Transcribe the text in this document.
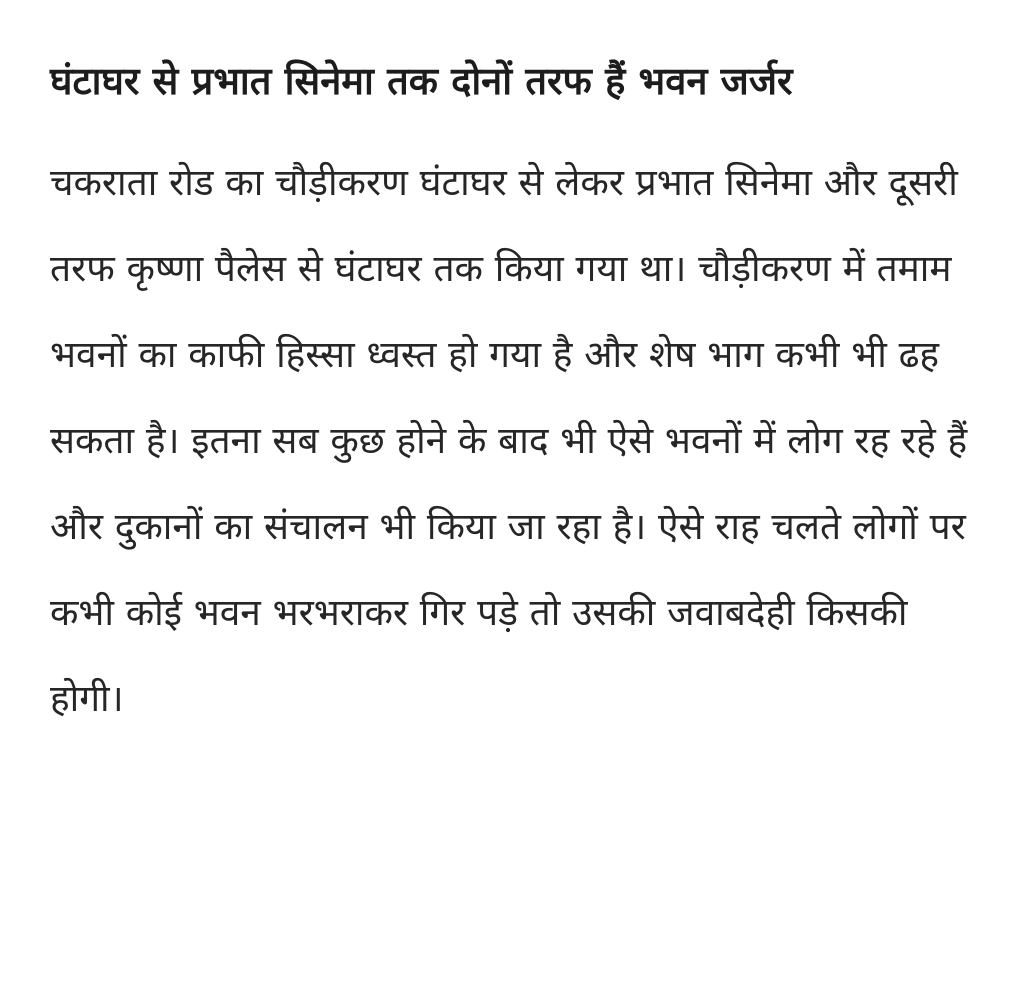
घंटाघर से प्रभात सिनेमा तक दोनों तरफ हैं भवन जर्जर

चकराता रोड का चौड़ीकरण घंटाघर से लेकर प्रभात सिनेमा और दूसरी तरफ कृष्णा पैलेस से घंटाघर तक किया गया था। चौड़ीकरण में तमाम भवनों का काफी हिस्सा ध्वस्त हो गया है और शेष भाग कभी भी ढह सकता है। इतना सब कुछ होने के बाद भी ऐसे भवनों में लोग रह रहे हैं और दुकानों का संचालन भी किया जा रहा है। ऐसे राह चलते लोगों पर कभी कोई भवन भरभराकर गिर पड़े तो उसकी जवाबदेही किसकी होगी।
